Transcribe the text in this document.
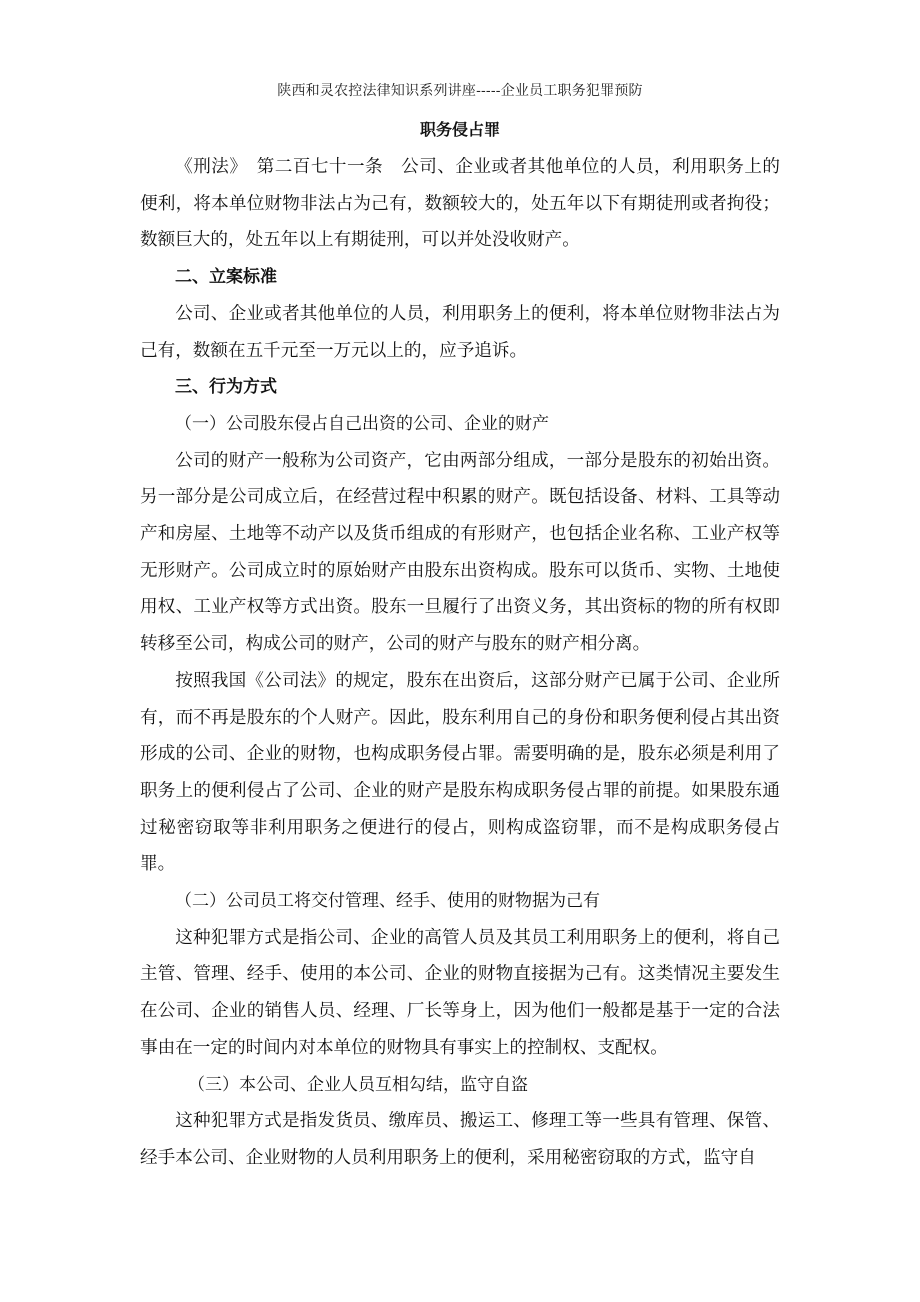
陕西和灵农控法律知识系列讲座-----企业员工职务犯罪预防
职务侵占罪

《刑法》　第二百七十一条　公司、企业或者其他单位的人员，利用职务上的便利，将本单位财物非法占为己有，数额较大的，处五年以下有期徒刑或者拘役；数额巨大的，处五年以上有期徒刑，可以并处没收财产。

二、立案标准

公司、企业或者其他单位的人员，利用职务上的便利，将本单位财物非法占为己有，数额在五千元至一万元以上的，应予追诉。

三、行为方式

（一）公司股东侵占自己出资的公司、企业的财产

公司的财产一般称为公司资产，它由两部分组成，一部分是股东的初始出资。另一部分是公司成立后，在经营过程中积累的财产。既包括设备、材料、工具等动产和房屋、土地等不动产以及货币组成的有形财产，也包括企业名称、工业产权等无形财产。公司成立时的原始财产由股东出资构成。股东可以货币、实物、土地使用权、工业产权等方式出资。股东一旦履行了出资义务，其出资标的物的所有权即转移至公司，构成公司的财产，公司的财产与股东的财产相分离。

按照我国《公司法》的规定，股东在出资后，这部分财产已属于公司、企业所有，而不再是股东的个人财产。因此，股东利用自己的身份和职务便利侵占其出资形成的公司、企业的财物，也构成职务侵占罪。需要明确的是，股东必须是利用了职务上的便利侵占了公司、企业的财产是股东构成职务侵占罪的前提。如果股东通过秘密窃取等非利用职务之便进行的侵占，则构成盗窃罪，而不是构成职务侵占罪。

（二）公司员工将交付管理、经手、使用的财物据为己有

这种犯罪方式是指公司、企业的高管人员及其员工利用职务上的便利，将自己主管、管理、经手、使用的本公司、企业的财物直接据为己有。这类情况主要发生在公司、企业的销售人员、经理、厂长等身上，因为他们一般都是基于一定的合法事由在一定的时间内对本单位的财物具有事实上的控制权、支配权。

（三）本公司、企业人员互相勾结，监守自盗

这种犯罪方式是指发货员、缴库员、搬运工、修理工等一些具有管理、保管、经手本公司、企业财物的人员利用职务上的便利，采用秘密窃取的方式，监守自
